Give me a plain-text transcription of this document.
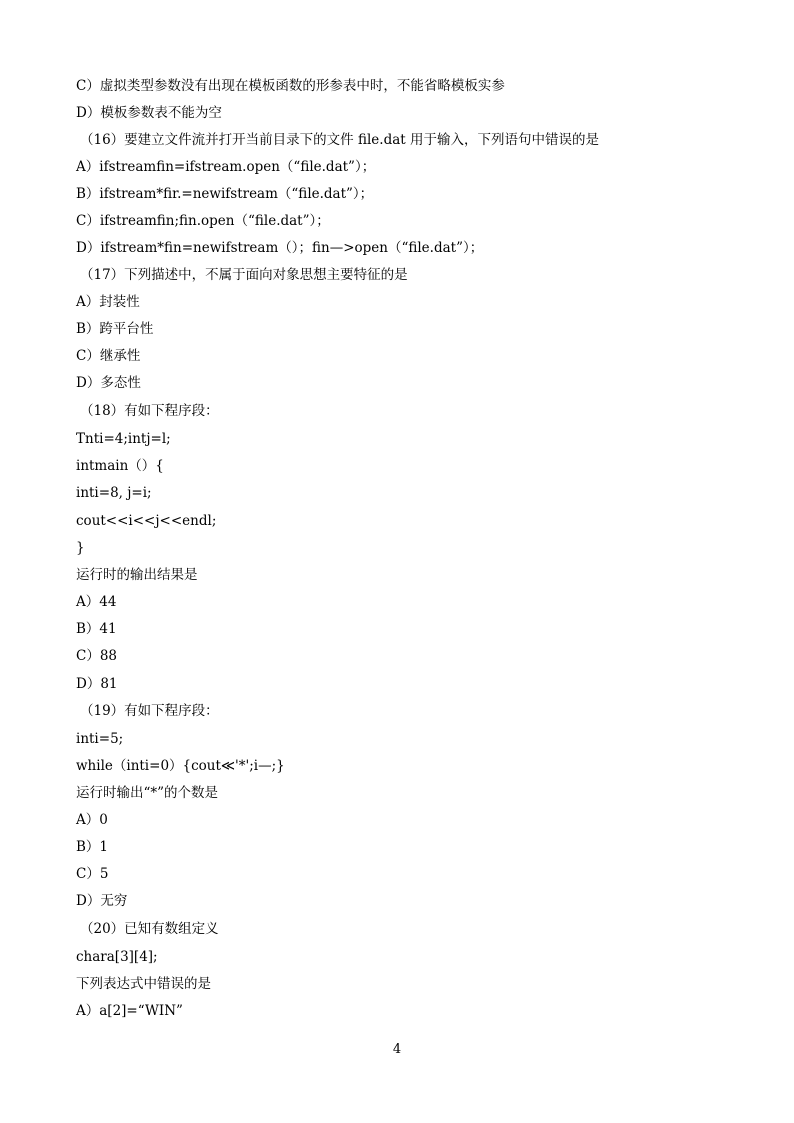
C）虚拟类型参数没有出现在模板函数的形参表中时，不能省略模板实参
D）模板参数表不能为空
（16）要建立文件流并打开当前目录下的文件 file.dat 用于输入，下列语句中错误的是
A）ifstreamfin=ifstream.open（“file.dat”）；
B）ifstream*fir.=newifstream（“file.dat”）；
C）ifstreamfin;fin.open（“file.dat”）；
D）ifstream*fin=newifstream（）；fin—>open（“file.dat”）；
（17）下列描述中，不属于面向对象思想主要特征的是
A）封装性
B）跨平台性
C）继承性
D）多态性
（18）有如下程序段：
Tnti=4;intj=l;
intmain（）{
inti=8, j=i;
cout<<i<<j<<endl;
}
运行时的输出结果是
A）44
B）41
C）88
D）81
（19）有如下程序段：
inti=5;
while（inti=0）{cout≪'*';i—;}
运行时输出“*”的个数是
A）0
B）1
C）5
D）无穷
（20）已知有数组定义
chara[3][4];
下列表达式中错误的是
A）a[2]=“WIN”
4
